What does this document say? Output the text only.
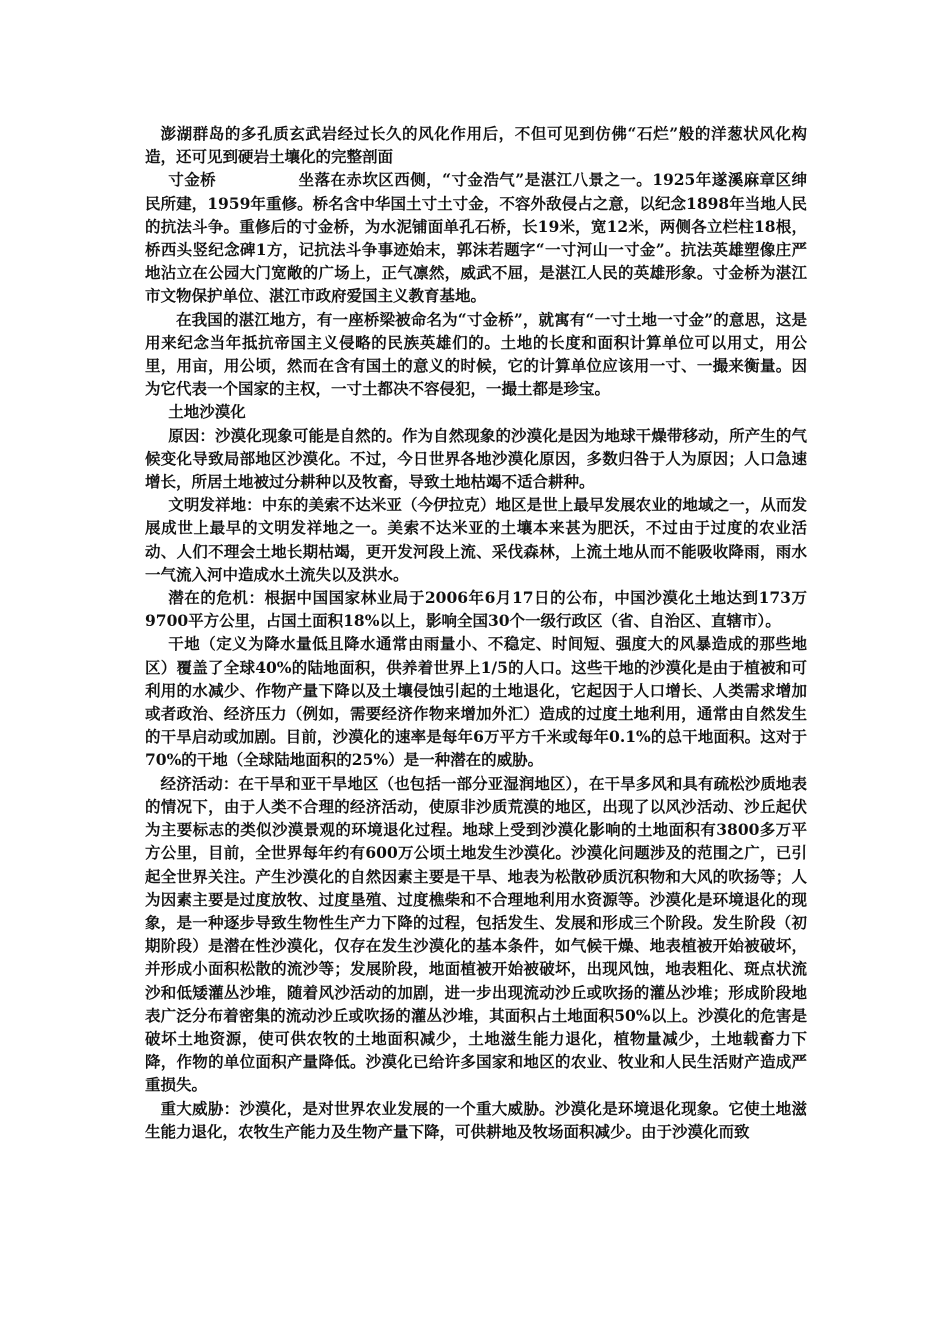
澎湖群岛的多孔质玄武岩经过长久的风化作用后，不但可见到仿佛“石烂”般的洋葱状风化构造，还可见到硬岩土壤化的完整剖面

寸金桥	坐落在赤坎区西侧，“寸金浩气”是湛江八景之一。1925年遂溪麻章区绅民所建，1959年重修。桥名含中华国土寸土寸金，不容外敌侵占之意，以纪念1898年当地人民的抗法斗争。重修后的寸金桥，为水泥铺面单孔石桥，长19米，宽12米，两侧各立栏柱18根，桥西头竖纪念碑1方，记抗法斗争事迹始末，郭沫若题字“一寸河山一寸金”。抗法英雄塑像庄严地沾立在公园大门宽敞的广场上，正气凛然，威武不屈，是湛江人民的英雄形象。寸金桥为湛江市文物保护单位、湛江市政府爱国主义教育基地。

在我国的湛江地方，有一座桥梁被命名为“寸金桥”，就寓有“一寸土地一寸金”的意思，这是用来纪念当年抵抗帝国主义侵略的民族英雄们的。土地的长度和面积计算单位可以用丈，用公里，用亩，用公顷，然而在含有国土的意义的时候，它的计算单位应该用一寸、一撮来衡量。因为它代表一个国家的主权，一寸土都决不容侵犯，一撮土都是珍宝。

土地沙漠化

原因：沙漠化现象可能是自然的。作为自然现象的沙漠化是因为地球干燥带移动，所产生的气候变化导致局部地区沙漠化。不过，今日世界各地沙漠化原因，多数归咎于人为原因；人口急速增长，所居土地被过分耕种以及牧畜，导致土地枯竭不适合耕种。

文明发祥地：中东的美索不达米亚（今伊拉克）地区是世上最早发展农业的地域之一，从而发展成世上最早的文明发祥地之一。美索不达米亚的土壤本来甚为肥沃，不过由于过度的农业活动、人们不理会土地长期枯竭，更开发河段上流、采伐森林，上流土地从而不能吸收降雨，雨水一气流入河中造成水土流失以及洪水。

潜在的危机：根据中国国家林业局于2006年6月17日的公布，中国沙漠化土地达到173万9700平方公里，占国土面积18%以上，影响全国30个一级行政区（省、自治区、直辖市）。

干地（定义为降水量低且降水通常由雨量小、不稳定、时间短、强度大的风暴造成的那些地区）覆盖了全球40%的陆地面积，供养着世界上1/5的人口。这些干地的沙漠化是由于植被和可利用的水减少、作物产量下降以及土壤侵蚀引起的土地退化，它起因于人口增长、人类需求增加或者政治、经济压力（例如，需要经济作物来增加外汇）造成的过度土地利用，通常由自然发生的干旱启动或加剧。目前，沙漠化的速率是每年6万平方千米或每年0.1%的总干地面积。这对于70%的干地（全球陆地面积的25%）是一种潜在的威胁。

经济活动：在干旱和亚干旱地区（也包括一部分亚湿润地区），在干旱多风和具有疏松沙质地表的情况下，由于人类不合理的经济活动，使原非沙质荒漠的地区，出现了以风沙活动、沙丘起伏为主要标志的类似沙漠景观的环境退化过程。地球上受到沙漠化影响的土地面积有3800多万平方公里，目前，全世界每年约有600万公顷土地发生沙漠化。沙漠化问题涉及的范围之广，已引起全世界关注。产生沙漠化的自然因素主要是干旱、地表为松散砂质沉积物和大风的吹扬等；人为因素主要是过度放牧、过度垦殖、过度樵柴和不合理地利用水资源等。沙漠化是环境退化的现象，是一种逐步导致生物性生产力下降的过程，包括发生、发展和形成三个阶段。发生阶段（初期阶段）是潜在性沙漠化，仅存在发生沙漠化的基本条件，如气候干燥、地表植被开始被破坏，并形成小面积松散的流沙等；发展阶段，地面植被开始被破坏，出现风蚀，地表粗化、斑点状流沙和低矮灌丛沙堆，随着风沙活动的加剧，进一步出现流动沙丘或吹扬的灌丛沙堆；形成阶段地表广泛分布着密集的流动沙丘或吹扬的灌丛沙堆，其面积占土地面积50%以上。沙漠化的危害是破坏土地资源，使可供农牧的土地面积减少，土地滋生能力退化，植物量减少，土地载畜力下降，作物的单位面积产量降低。沙漠化已给许多国家和地区的农业、牧业和人民生活财产造成严重损失。

重大威胁：沙漠化，是对世界农业发展的一个重大威胁。沙漠化是环境退化现象。它使土地滋生能力退化，农牧生产能力及生物产量下降，可供耕地及牧场面积减少。由于沙漠化而致
